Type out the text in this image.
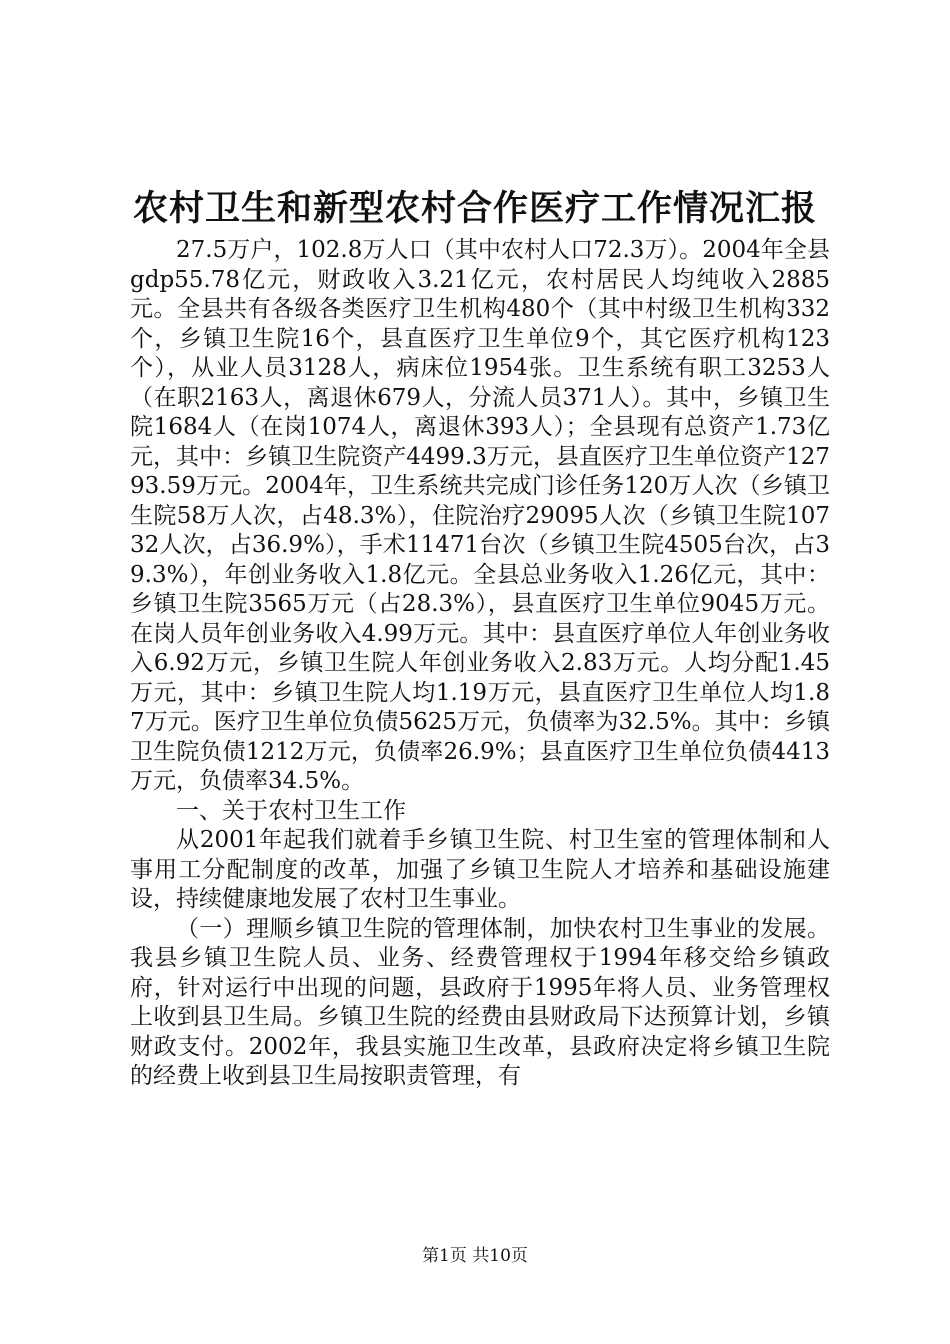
农村卫生和新型农村合作医疗工作情况汇报

27.5万户，102.8万人口（其中农村人口72.3万）。2004年全县gdp55.78亿元，财政收入3.21亿元，农村居民人均纯收入2885元。全县共有各级各类医疗卫生机构480个（其中村级卫生机构332个，乡镇卫生院16个，县直医疗卫生单位9个，其它医疗机构123个），从业人员3128人，病床位1954张。卫生系统有职工3253人（在职2163人，离退休679人，分流人员371人）。其中，乡镇卫生院1684人（在岗1074人，离退休393人）；全县现有总资产1.73亿元，其中：乡镇卫生院资产4499.3万元，县直医疗卫生单位资产12793.59万元。2004年，卫生系统共完成门诊任务120万人次（乡镇卫生院58万人次，占48.3%），住院治疗29095人次（乡镇卫生院10732人次，占36.9%），手术11471台次（乡镇卫生院4505台次，占39.3%），年创业务收入1.8亿元。全县总业务收入1.26亿元，其中：乡镇卫生院3565万元（占28.3%），县直医疗卫生单位9045万元。在岗人员年创业务收入4.99万元。其中：县直医疗单位人年创业务收入6.92万元，乡镇卫生院人年创业务收入2.83万元。人均分配1.45万元，其中：乡镇卫生院人均1.19万元，县直医疗卫生单位人均1.87万元。医疗卫生单位负债5625万元，负债率为32.5%。其中：乡镇卫生院负债1212万元，负债率26.9%；县直医疗卫生单位负债4413万元，负债率34.5%。

一、关于农村卫生工作

从2001年起我们就着手乡镇卫生院、村卫生室的管理体制和人事用工分配制度的改革，加强了乡镇卫生院人才培养和基础设施建设，持续健康地发展了农村卫生事业。

（一）理顺乡镇卫生院的管理体制，加快农村卫生事业的发展。我县乡镇卫生院人员、业务、经费管理权于1994年移交给乡镇政府，针对运行中出现的问题，县政府于1995年将人员、业务管理权上收到县卫生局。乡镇卫生院的经费由县财政局下达预算计划，乡镇财政支付。2002年，我县实施卫生改革，县政府决定将乡镇卫生院的经费上收到县卫生局按职责管理，有

第1页 共10页
